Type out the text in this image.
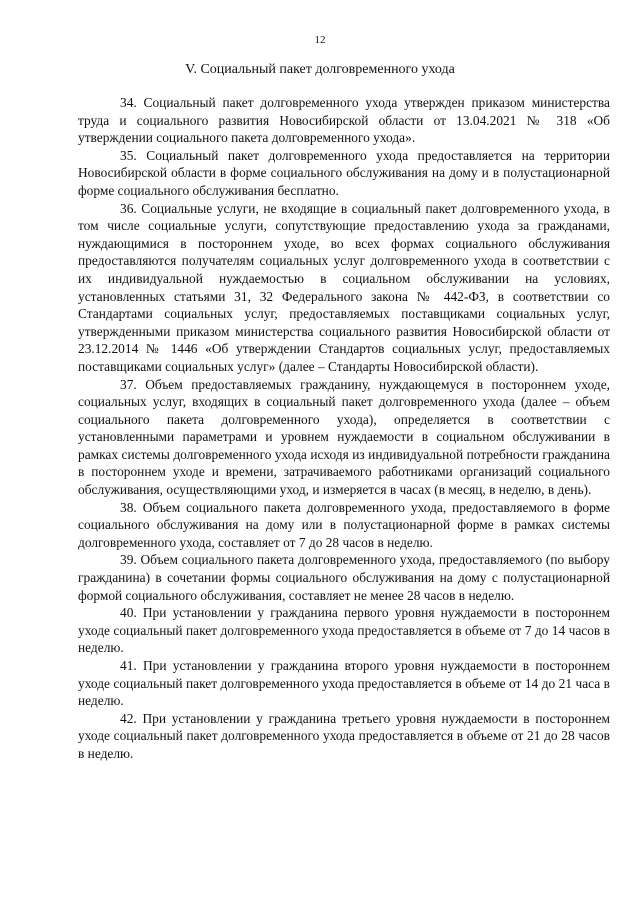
12
V. Социальный пакет долговременного ухода

34. Социальный пакет долговременного ухода утвержден приказом министерства труда и социального развития Новосибирской области от 13.04.2021 № 318 «Об утверждении социального пакета долговременного ухода».

35. Социальный пакет долговременного ухода предоставляется на территории Новосибирской области в форме социального обслуживания на дому и в полустационарной форме социального обслуживания бесплатно.

36. Социальные услуги, не входящие в социальный пакет долговременного ухода, в том числе социальные услуги, сопутствующие предоставлению ухода за гражданами, нуждающимися в постороннем уходе, во всех формах социального обслуживания предоставляются получателям социальных услуг долговременного ухода в соответствии с их индивидуальной нуждаемостью в социальном обслуживании на условиях, установленных статьями 31, 32 Федерального закона № 442-ФЗ, в соответствии со Стандартами социальных услуг, предоставляемых поставщиками социальных услуг, утвержденными приказом министерства социального развития Новосибирской области от 23.12.2014 № 1446 «Об утверждении Стандартов социальных услуг, предоставляемых поставщиками социальных услуг» (далее – Стандарты Новосибирской области).

37. Объем предоставляемых гражданину, нуждающемуся в постороннем уходе, социальных услуг, входящих в социальный пакет долговременного ухода (далее – объем социального пакета долговременного ухода), определяется в соответствии с установленными параметрами и уровнем нуждаемости в социальном обслуживании в рамках системы долговременного ухода исходя из индивидуальной потребности гражданина в постороннем уходе и времени, затрачиваемого работниками организаций социального обслуживания, осуществляющими уход, и измеряется в часах (в месяц, в неделю, в день).

38. Объем социального пакета долговременного ухода, предоставляемого в форме социального обслуживания на дому или в полустационарной форме в рамках системы долговременного ухода, составляет от 7 до 28 часов в неделю.

39. Объем социального пакета долговременного ухода, предоставляемого (по выбору гражданина) в сочетании формы социального обслуживания на дому с полустационарной формой социального обслуживания, составляет не менее 28 часов в неделю.

40. При установлении у гражданина первого уровня нуждаемости в постороннем уходе социальный пакет долговременного ухода предоставляется в объеме от 7 до 14 часов в неделю.

41. При установлении у гражданина второго уровня нуждаемости в постороннем уходе социальный пакет долговременного ухода предоставляется в объеме от 14 до 21 часа в неделю.

42. При установлении у гражданина третьего уровня нуждаемости в постороннем уходе социальный пакет долговременного ухода предоставляется в объеме от 21 до 28 часов в неделю.
